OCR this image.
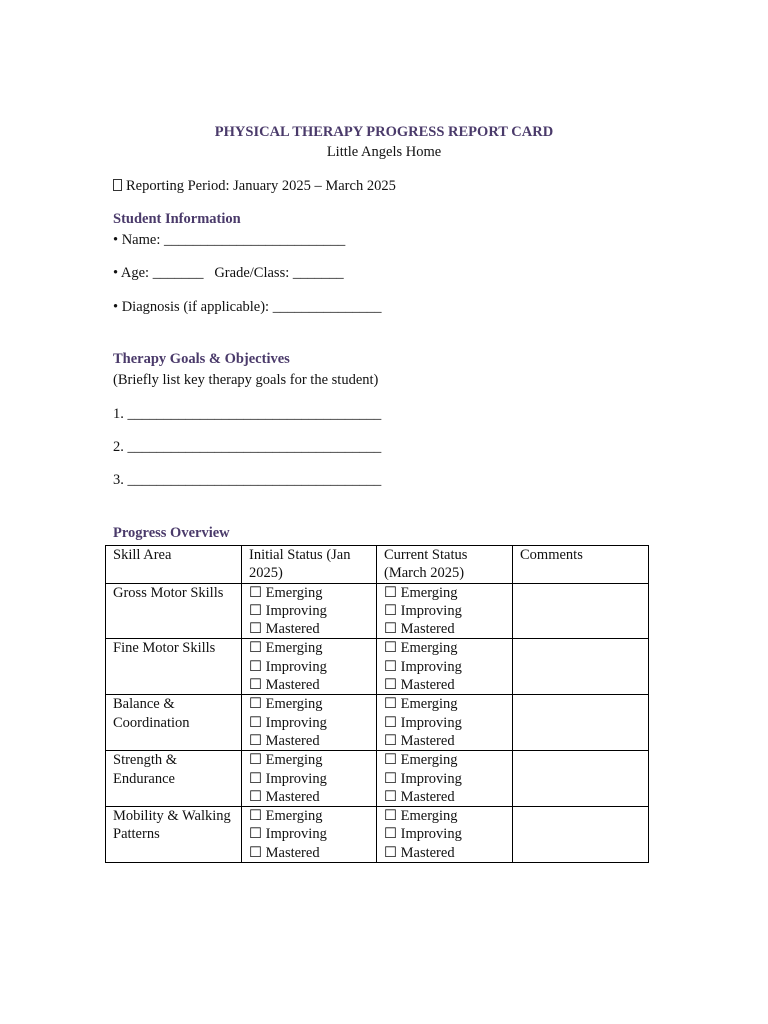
PHYSICAL THERAPY PROGRESS REPORT CARD
Little Angels Home
Reporting Period: January 2025 – March 2025
Student Information
• Name: _________________________
• Age: _______   Grade/Class: _______
• Diagnosis (if applicable): _______________
Therapy Goals & Objectives
(Briefly list key therapy goals for the student)
1. ___________________________________
2. ___________________________________
3. ___________________________________
Progress Overview
Skill Area	Initial Status (Jan 2025)	Current Status (March 2025)	Comments
Gross Motor Skills	☐ Emerging
☐ Improving
☐ Mastered	☐ Emerging
☐ Improving
☐ Mastered	

Fine Motor Skills	☐ Emerging
☐ Improving
☐ Mastered	☐ Emerging
☐ Improving
☐ Mastered	

Balance & Coordination	☐ Emerging
☐ Improving
☐ Mastered	☐ Emerging
☐ Improving
☐ Mastered	

Strength & Endurance	☐ Emerging
☐ Improving
☐ Mastered	☐ Emerging
☐ Improving
☐ Mastered	

Mobility & Walking Patterns	☐ Emerging
☐ Improving
☐ Mastered	☐ Emerging
☐ Improving
☐ Mastered	
